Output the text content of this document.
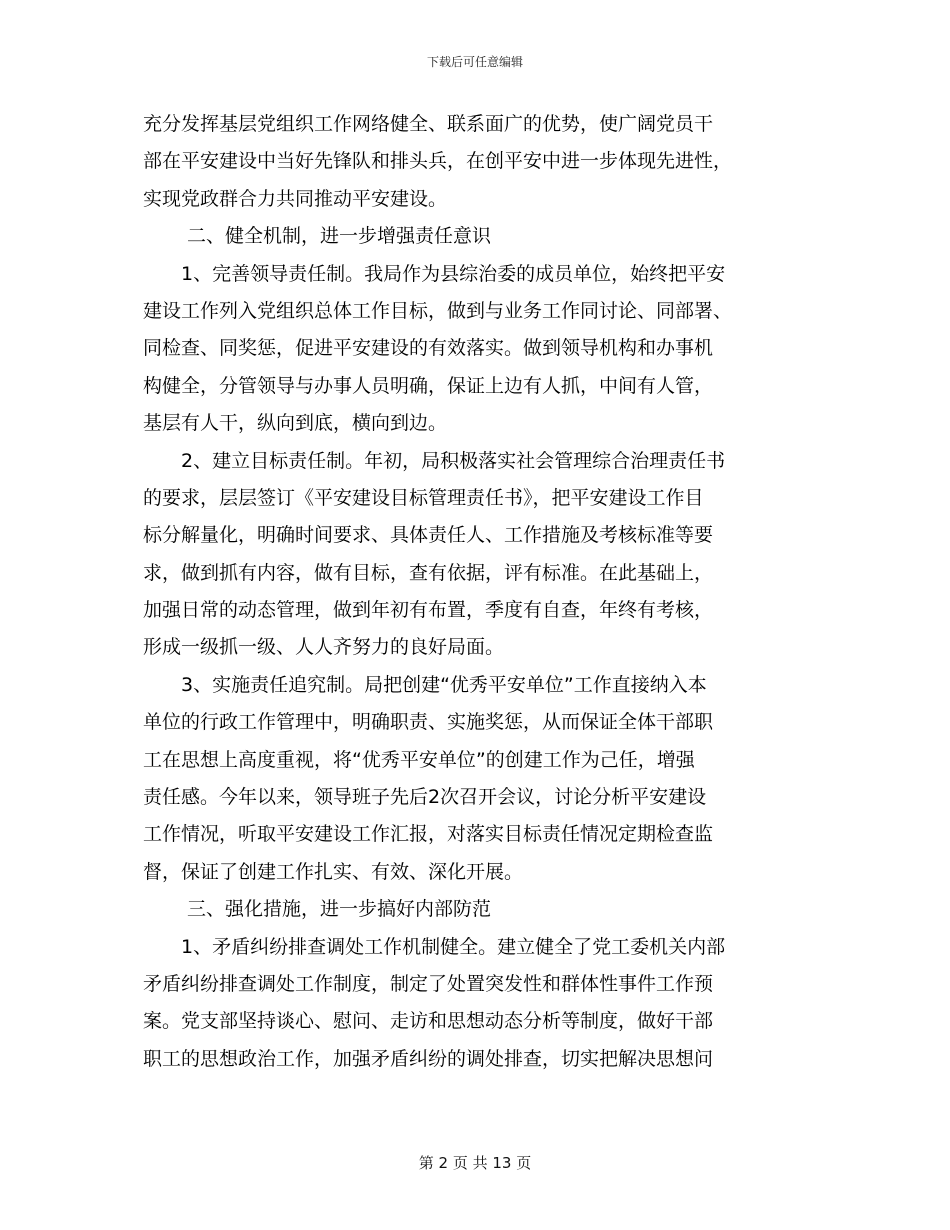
下载后可任意编辑
充分发挥基层党组织工作网络健全、联系面广的优势，使广阔党员干
部在平安建设中当好先锋队和排头兵，在创平安中进一步体现先进性，
实现党政群合力共同推动平安建设。
二、健全机制，进一步增强责任意识
1、完善领导责任制。我局作为县综治委的成员单位，始终把平安
建设工作列入党组织总体工作目标，做到与业务工作同讨论、同部署、
同检查、同奖惩，促进平安建设的有效落实。做到领导机构和办事机
构健全，分管领导与办事人员明确，保证上边有人抓，中间有人管，
基层有人干，纵向到底，横向到边。
2、建立目标责任制。年初，局积极落实社会管理综合治理责任书
的要求，层层签订《平安建设目标管理责任书》，把平安建设工作目
标分解量化，明确时间要求、具体责任人、工作措施及考核标准等要
求，做到抓有内容，做有目标，查有依据，评有标准。在此基础上，
加强日常的动态管理，做到年初有布置，季度有自查，年终有考核，
形成一级抓一级、人人齐努力的良好局面。
3、实施责任追究制。局把创建“优秀平安单位”工作直接纳入本
单位的行政工作管理中，明确职责、实施奖惩，从而保证全体干部职
工在思想上高度重视，将“优秀平安单位”的创建工作为己任，增强
责任感。今年以来，领导班子先后2次召开会议，讨论分析平安建设
工作情况，听取平安建设工作汇报，对落实目标责任情况定期检查监
督，保证了创建工作扎实、有效、深化开展。
三、强化措施，进一步搞好内部防范
1、矛盾纠纷排查调处工作机制健全。建立健全了党工委机关内部
矛盾纠纷排查调处工作制度，制定了处置突发性和群体性事件工作预
案。党支部坚持谈心、慰问、走访和思想动态分析等制度，做好干部
职工的思想政治工作，加强矛盾纠纷的调处排查，切实把解决思想问
第 2 页 共 13 页
